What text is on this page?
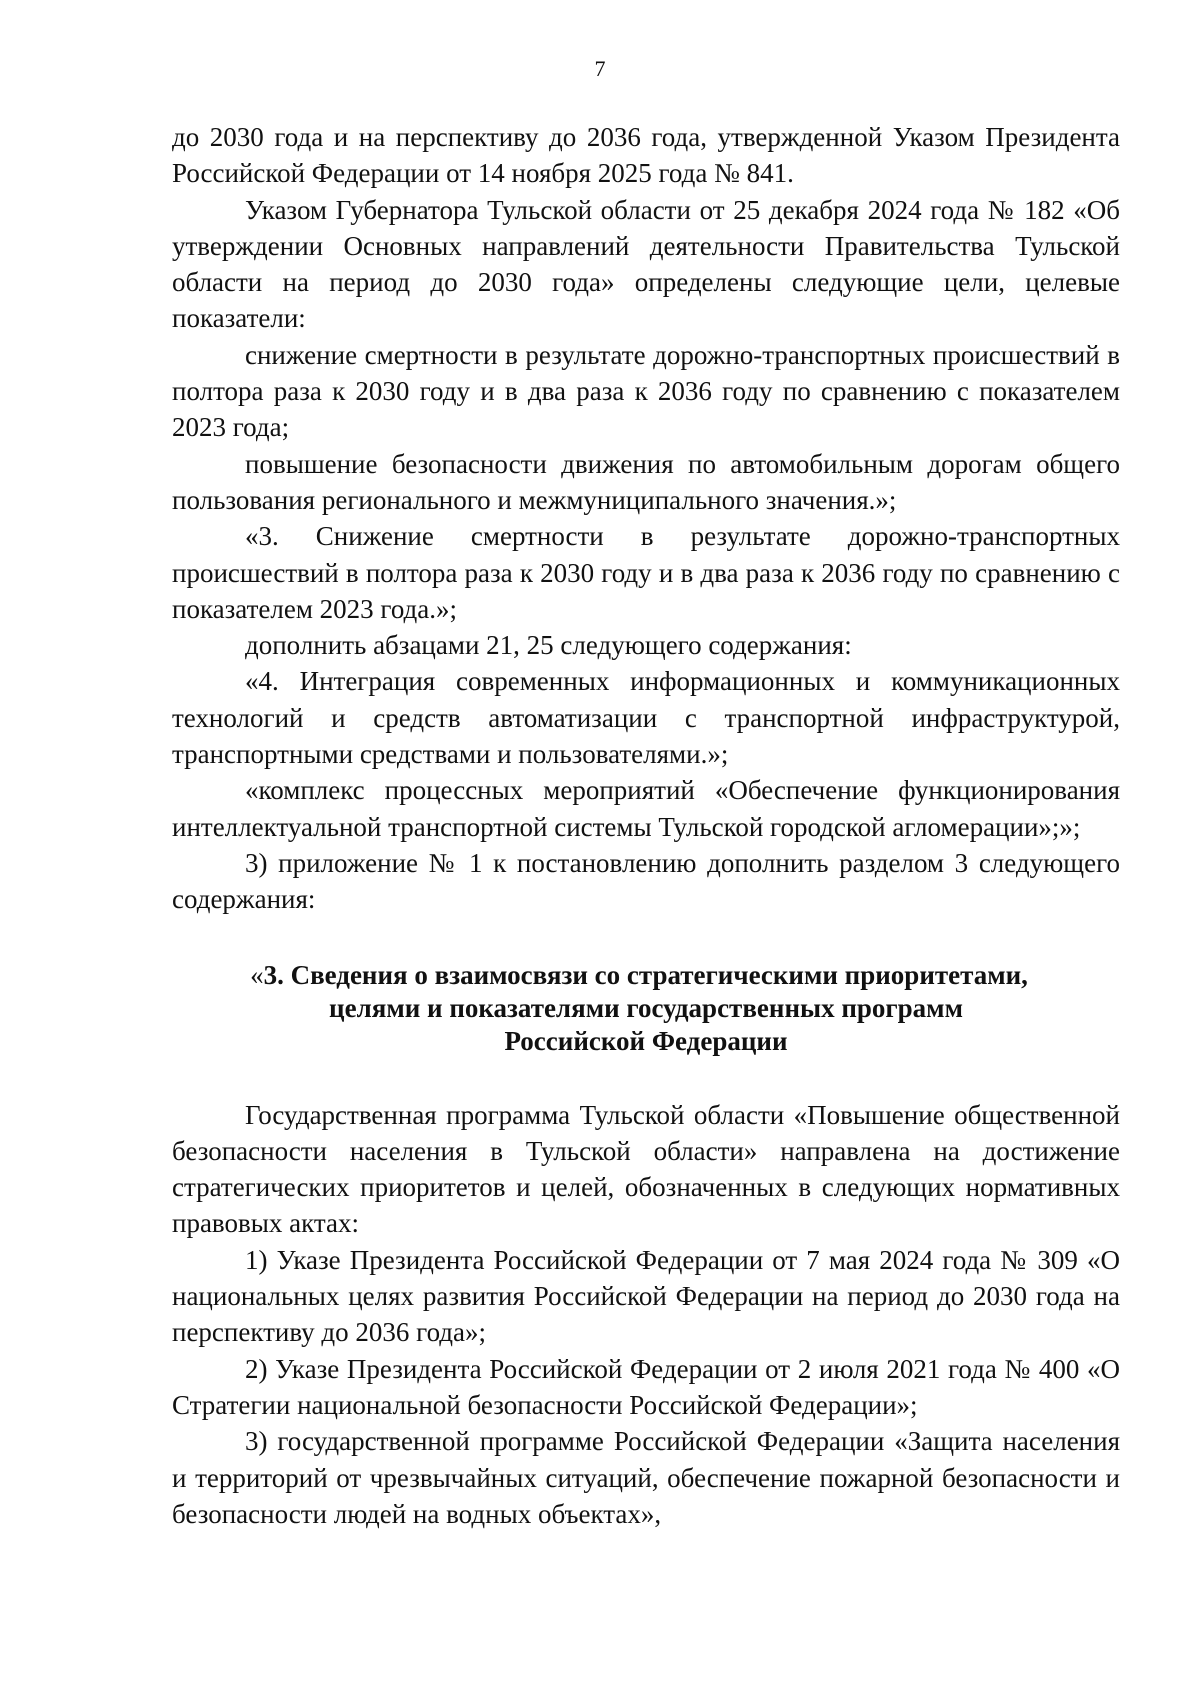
7

до 2030 года и на перспективу до 2036 года, утвержденной Указом Президента Российской Федерации от 14 ноября 2025 года № 841.

Указом Губернатора Тульской области от 25 декабря 2024 года № 182 «Об утверждении Основных направлений деятельности Правительства Тульской области на период до 2030 года» определены следующие цели, целевые показатели:

снижение смертности в результате дорожно-транспортных происшествий в полтора раза к 2030 году и в два раза к 2036 году по сравнению с показателем 2023 года;

повышение безопасности движения по автомобильным дорогам общего пользования регионального и межмуниципального значения.»;

«3. Снижение смертности в результате дорожно-транспортных происшествий в полтора раза к 2030 году и в два раза к 2036 году по сравнению с показателем 2023 года.»;

дополнить абзацами 21, 25 следующего содержания:

«4. Интеграция современных информационных и коммуникационных технологий и средств автоматизации с транспортной инфраструктурой, транспортными средствами и пользователями.»;

«комплекс процессных мероприятий «Обеспечение функционирования интеллектуальной транспортной системы Тульской городской агломерации»;»;

3) приложение № 1 к постановлению дополнить разделом 3 следующего содержания:

«3. Сведения о взаимосвязи со стратегическими приоритетами,
целями и показателями государственных программ
Российской Федерации

Государственная программа Тульской области «Повышение общественной безопасности населения в Тульской области» направлена на достижение стратегических приоритетов и целей, обозначенных в следующих нормативных правовых актах:

1) Указе Президента Российской Федерации от 7 мая 2024 года № 309 «О национальных целях развития Российской Федерации на период до 2030 года на перспективу до 2036 года»;

2) Указе Президента Российской Федерации от 2 июля 2021 года № 400 «О Стратегии национальной безопасности Российской Федерации»;

3) государственной программе Российской Федерации «Защита населения и территорий от чрезвычайных ситуаций, обеспечение пожарной безопасности и безопасности людей на водных объектах»,
